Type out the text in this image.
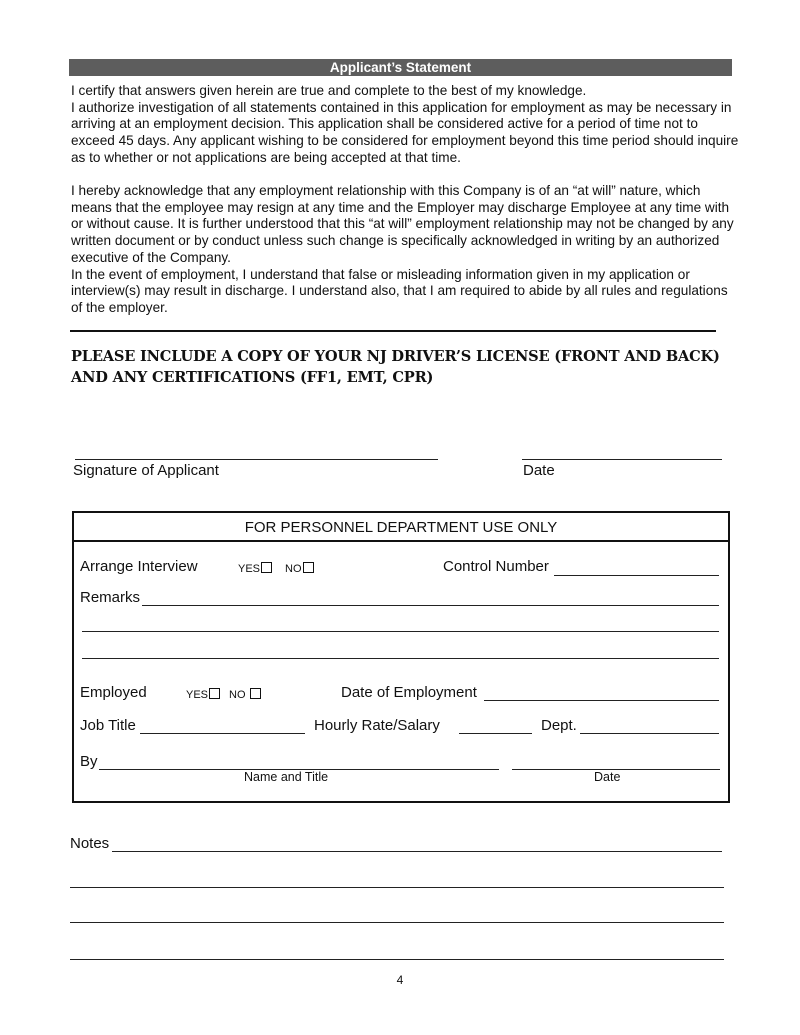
Applicant’s Statement
I certify that answers given herein are true and complete to the best of my knowledge.
I authorize investigation of all statements contained in this application for employment as may be necessary in arriving at an employment decision. This application shall be considered active for a period of time not to exceed 45 days. Any applicant wishing to be considered for employment beyond this time period should inquire as to whether or not applications are being accepted at that time.
I hereby acknowledge that any employment relationship with this Company is of an “at will” nature, which means that the employee may resign at any time and the Employer may discharge Employee at any time with or without cause. It is further understood that this “at will” employment relationship may not be changed by any written document or by conduct unless such change is specifically acknowledged in writing by an authorized executive of the Company.
In the event of employment, I understand that false or misleading information given in my application or interview(s) may result in discharge. I understand also, that I am required to abide by all rules and regulations of the employer.
PLEASE INCLUDE A COPY OF YOUR NJ DRIVER’S LICENSE (FRONT AND BACK)
AND ANY CERTIFICATIONS (FF1, EMT, CPR)
Signature of Applicant	Date
FOR PERSONNEL DEPARTMENT USE ONLY
Arrange Interview	YES	NO	Control Number
Remarks
Employed	YES	NO	Date of Employment
Job Title	Hourly Rate/Salary	Dept.
By
Name and Title	Date
Notes
4
